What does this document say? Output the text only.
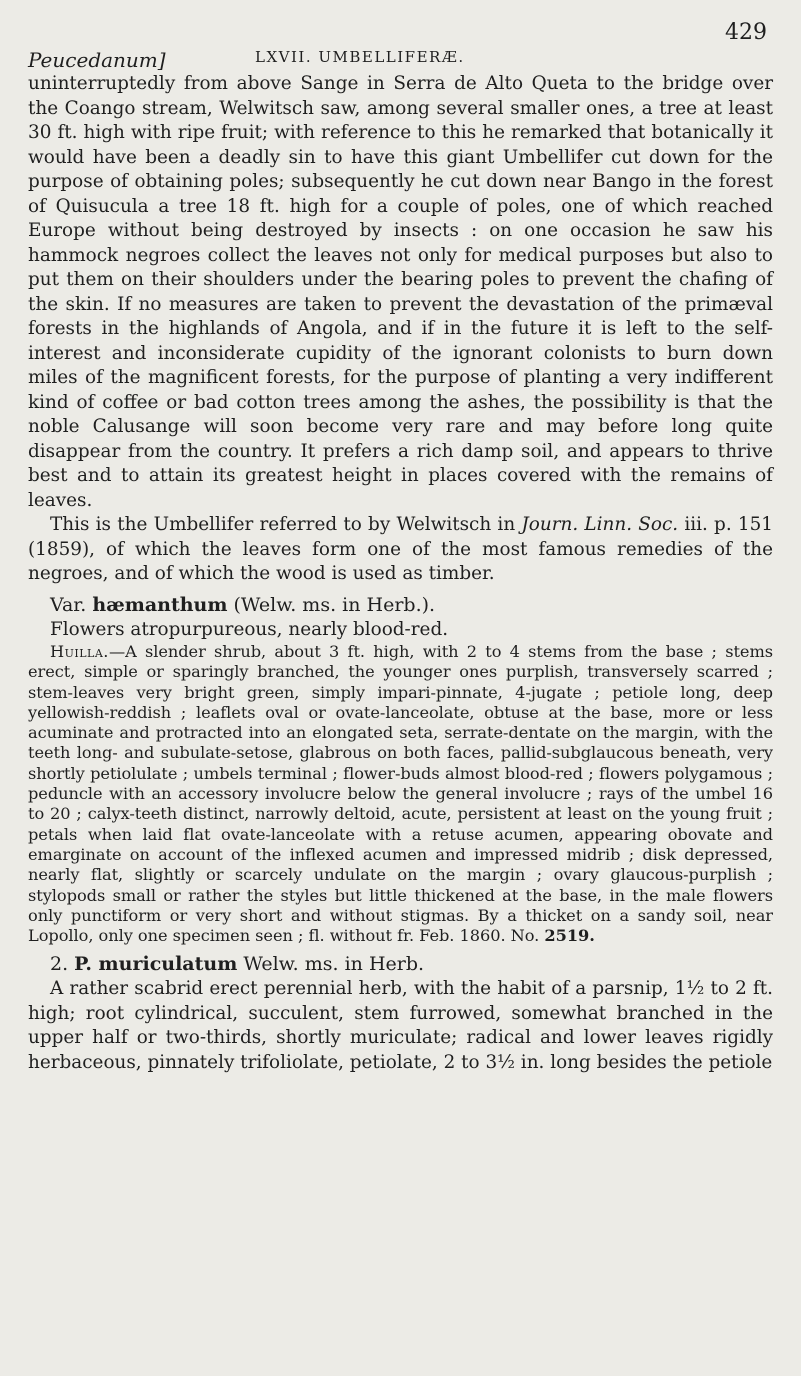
Peucedanum]	LXVII. UMBELLIFERÆ.
429

uninterruptedly from above Sange in Serra de Alto Queta to the bridge over the Coango stream, Welwitsch saw, among several smaller ones, a tree at least 30 ft. high with ripe fruit; with reference to this he remarked that botanically it would have been a deadly sin to have this giant Umbellifer cut down for the purpose of obtaining poles; subsequently he cut down near Bango in the forest of Quisucula a tree 18 ft. high for a couple of poles, one of which reached Europe without being destroyed by insects : on one occasion he saw his hammock negroes collect the leaves not only for medical purposes but also to put them on their shoulders under the bearing poles to prevent the chafing of the skin. If no measures are taken to prevent the devastation of the primæval forests in the highlands of Angola, and if in the future it is left to the self-interest and inconsiderate cupidity of the ignorant colonists to burn down miles of the magnificent forests, for the purpose of planting a very indifferent kind of coffee or bad cotton trees among the ashes, the possibility is that the noble Calusange will soon become very rare and may before long quite disappear from the country. It prefers a rich damp soil, and appears to thrive best and to attain its greatest height in places covered with the remains of leaves.

This is the Umbellifer referred to by Welwitsch in Journ. Linn. Soc. iii. p. 151 (1859), of which the leaves form one of the most famous remedies of the negroes, and of which the wood is used as timber.

Var. hæmanthum (Welw. ms. in Herb.).

Flowers atropurpureous, nearly blood-red.

Huilla.—A slender shrub, about 3 ft. high, with 2 to 4 stems from the base ; stems erect, simple or sparingly branched, the younger ones purplish, transversely scarred ; stem-leaves very bright green, simply impari-pinnate, 4-jugate ; petiole long, deep yellowish-reddish ; leaflets oval or ovate-lanceolate, obtuse at the base, more or less acuminate and protracted into an elongated seta, serrate-dentate on the margin, with the teeth long- and subulate-setose, glabrous on both faces, pallid-subglaucous beneath, very shortly petiolulate ; umbels terminal ; flower-buds almost blood-red ; flowers polygamous ; peduncle with an accessory involucre below the general involucre ; rays of the umbel 16 to 20 ; calyx-teeth distinct, narrowly deltoid, acute, persistent at least on the young fruit ; petals when laid flat ovate-lanceolate with a retuse acumen, appearing obovate and emarginate on account of the inflexed acumen and impressed midrib ; disk depressed, nearly flat, slightly or scarcely undulate on the margin ; ovary glaucous-purplish ; stylopods small or rather the styles but little thickened at the base, in the male flowers only punctiform or very short and without stigmas. By a thicket on a sandy soil, near Lopollo, only one specimen seen ; fl. without fr. Feb. 1860. No. 2519.

2. P. muriculatum Welw. ms. in Herb.

A rather scabrid erect perennial herb, with the habit of a parsnip, 1½ to 2 ft. high; root cylindrical, succulent, stem furrowed, somewhat branched in the upper half or two-thirds, shortly muriculate; radical and lower leaves rigidly herbaceous, pinnately trifoliolate, petiolate, 2 to 3½ in. long besides the petiole
